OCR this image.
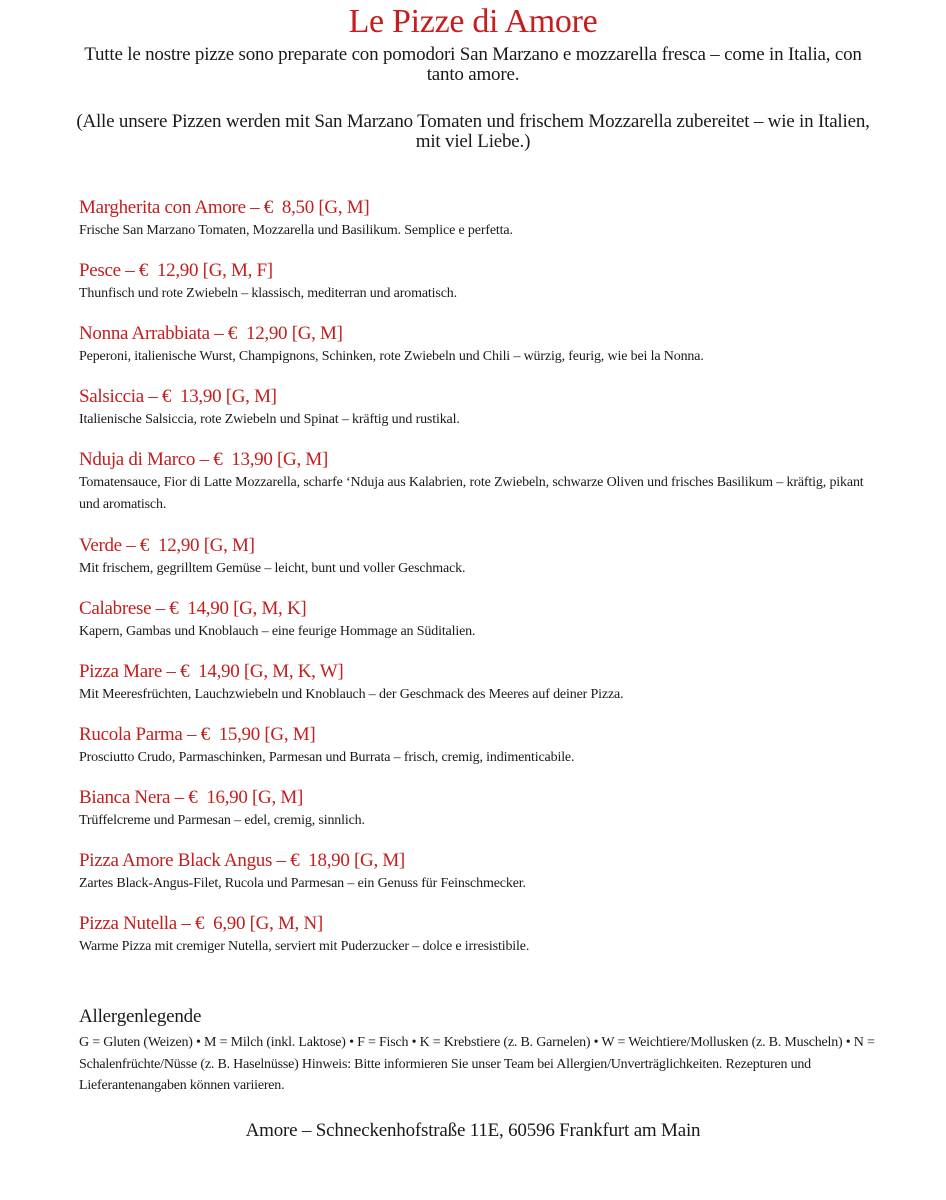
Le Pizze di Amore
Tutte le nostre pizze sono preparate con pomodori San Marzano e mozzarella fresca – come in Italia, con tanto amore.
(Alle unsere Pizzen werden mit San Marzano Tomaten und frischem Mozzarella zubereitet – wie in Italien, mit viel Liebe.)
Margherita con Amore – €  8,50 [G, M]
Frische San Marzano Tomaten, Mozzarella und Basilikum. Semplice e perfetta.
Pesce – €  12,90 [G, M, F]
Thunfisch und rote Zwiebeln – klassisch, mediterran und aromatisch.
Nonna Arrabbiata – €  12,90 [G, M]
Peperoni, italienische Wurst, Champignons, Schinken, rote Zwiebeln und Chili – würzig, feurig, wie bei la Nonna.
Salsiccia – €  13,90 [G, M]
Italienische Salsiccia, rote Zwiebeln und Spinat – kräftig und rustikal.
Nduja di Marco – €  13,90 [G, M]
Tomatensauce, Fior di Latte Mozzarella, scharfe ‘Nduja aus Kalabrien, rote Zwiebeln, schwarze Oliven und frisches Basilikum – kräftig, pikant und aromatisch.
Verde – €  12,90 [G, M]
Mit frischem, gegrilltem Gemüse – leicht, bunt und voller Geschmack.
Calabrese – €  14,90 [G, M, K]
Kapern, Gambas und Knoblauch – eine feurige Hommage an Süditalien.
Pizza Mare – €  14,90 [G, M, K, W]
Mit Meeresfrüchten, Lauchzwiebeln und Knoblauch – der Geschmack des Meeres auf deiner Pizza.
Rucola Parma – €  15,90 [G, M]
Prosciutto Crudo, Parmaschinken, Parmesan und Burrata – frisch, cremig, indimenticabile.
Bianca Nera – €  16,90 [G, M]
Trüffelcreme und Parmesan – edel, cremig, sinnlich.
Pizza Amore Black Angus – €  18,90 [G, M]
Zartes Black-Angus-Filet, Rucola und Parmesan – ein Genuss für Feinschmecker.
Pizza Nutella – €  6,90 [G, M, N]
Warme Pizza mit cremiger Nutella, serviert mit Puderzucker – dolce e irresistibile.
Allergenlegende
G = Gluten (Weizen) • M = Milch (inkl. Laktose) • F = Fisch • K = Krebstiere (z. B. Garnelen) • W = Weichtiere/Mollusken (z. B. Muscheln) • N = Schalenfrüchte/Nüsse (z. B. Haselnüsse) Hinweis: Bitte informieren Sie unser Team bei Allergien/Unverträglichkeiten. Rezepturen und Lieferantenangaben können variieren.
Amore – Schneckenhofstraße 11E, 60596 Frankfurt am Main
